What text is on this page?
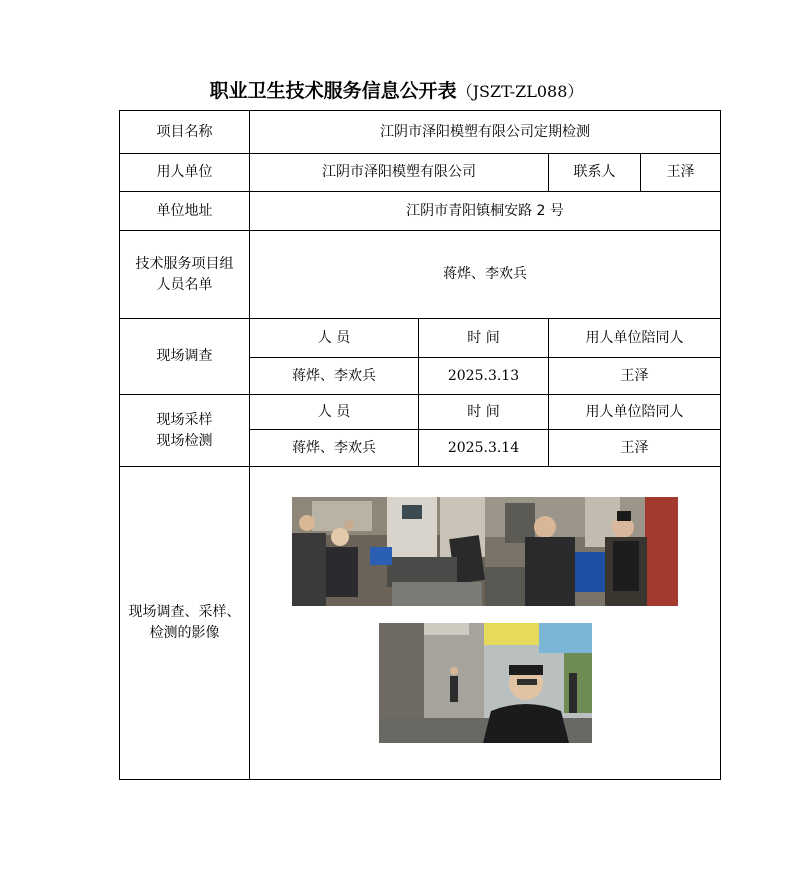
职业卫生技术服务信息公开表（JSZT-ZL088）
项目名称	江阴市泽阳模塑有限公司定期检测			
用人单位	江阴市泽阳模塑有限公司		联系人	王泽
单位地址	江阴市青阳镇桐安路 2 号			

技术服务项目组
人员名单	蒋烨、李欢兵			
现场调查	人 员	时 间	用人单位陪同人	
	蒋烨、李欢兵	2025.3.13	王泽	

现场采样
现场检测	人 员	时 间	用人单位陪同人	
	蒋烨、李欢兵	2025.3.14	王泽	

现场调查、采样、
检测的影像
